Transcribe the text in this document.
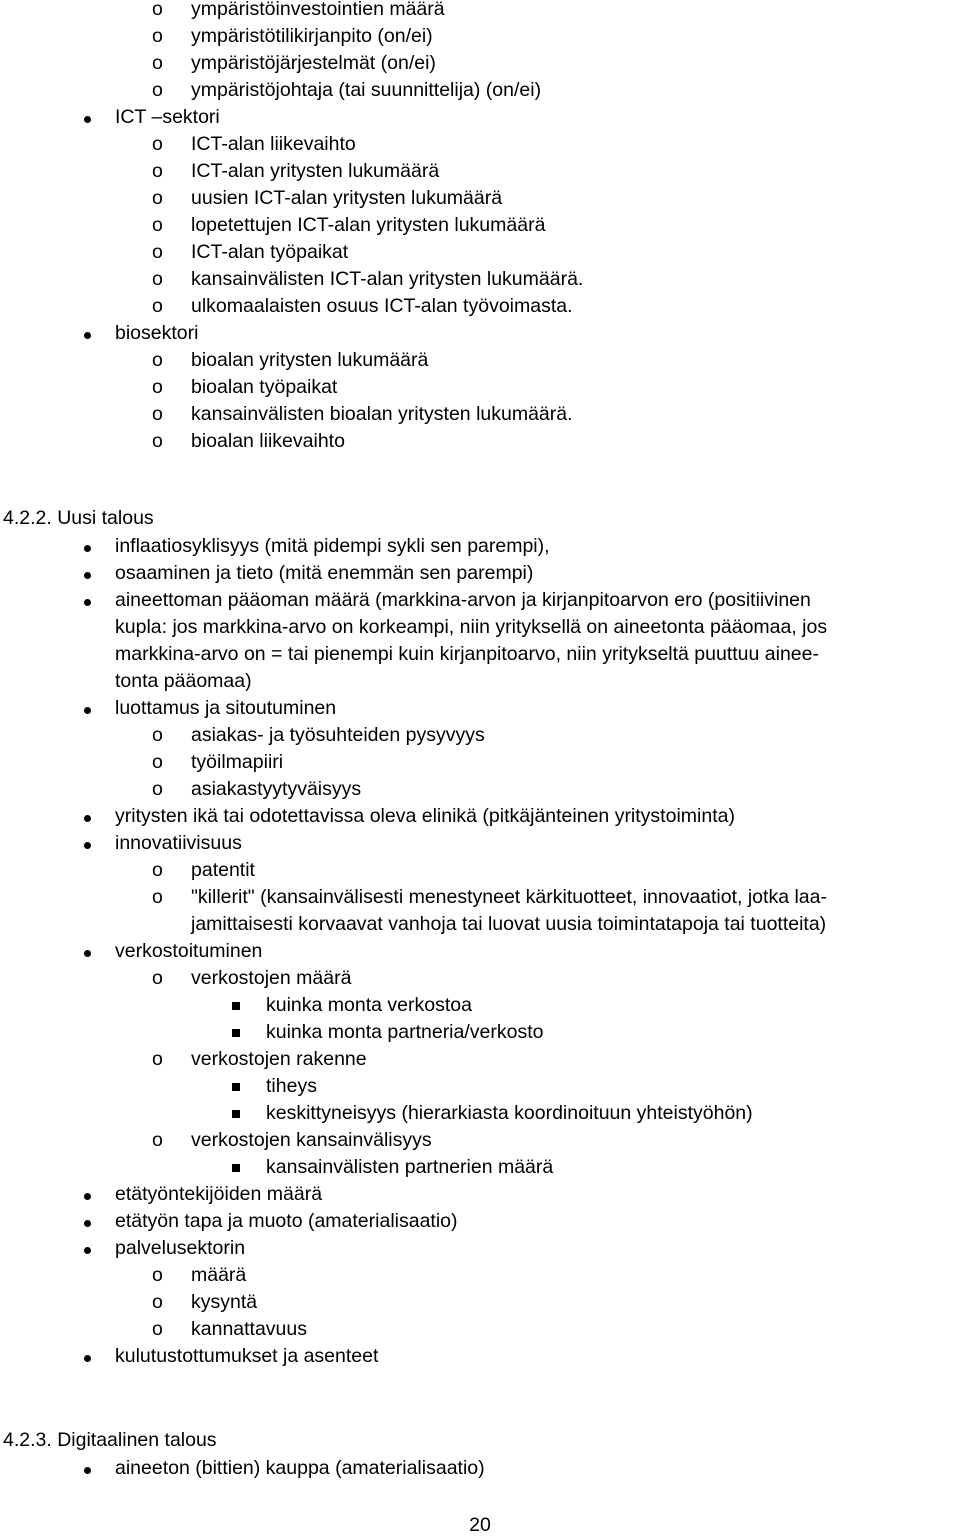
o ympäristöinvestointien määrä
o ympäristötilikirjanpito (on/ei)
o ympäristöjärjestelmät (on/ei)
o ympäristöjohtaja (tai suunnittelija) (on/ei)
ICT –sektori
o ICT-alan liikevaihto
o ICT-alan yritysten lukumäärä
o uusien ICT-alan yritysten lukumäärä
o lopetettujen ICT-alan yritysten lukumäärä
o ICT-alan työpaikat
o kansainvälisten ICT-alan yritysten lukumäärä.
o ulkomaalaisten osuus ICT-alan työvoimasta.
biosektori
o bioalan yritysten lukumäärä
o bioalan työpaikat
o kansainvälisten bioalan yritysten lukumäärä.
o bioalan liikevaihto
4.2.2. Uusi talous
inflaatiosyklisyys (mitä pidempi sykli sen parempi),
osaaminen ja tieto (mitä enemmän sen parempi)
aineettoman pääoman määrä (markkina-arvon ja kirjanpitoarvon ero (positiivinen
kupla: jos markkina-arvo on korkeampi, niin yrityksellä on aineetonta pääomaa, jos
markkina-arvo on = tai pienempi kuin kirjanpitoarvo, niin yritykseltä puuttuu ainee-
tonta pääomaa)
luottamus ja sitoutuminen
o asiakas- ja työsuhteiden pysyvyys
o työilmapiiri
o asiakastyytyväisyys
yritysten ikä tai odotettavissa oleva elinikä (pitkäjänteinen yritystoiminta)
innovatiivisuus
o patentit
o "killerit" (kansainvälisesti menestyneet kärkituotteet, innovaatiot, jotka laa-
jamittaisesti korvaavat vanhoja tai luovat uusia toimintatapoja tai tuotteita)
verkostoituminen
o verkostojen määrä
kuinka monta verkostoa
kuinka monta partneria/verkosto
o verkostojen rakenne
tiheys
keskittyneisyys (hierarkiasta koordinoituun yhteistyöhön)
o verkostojen kansainvälisyys
kansainvälisten partnerien määrä
etätyöntekijöiden määrä
etätyön tapa ja muoto (amaterialisaatio)
palvelusektorin
o määrä
o kysyntä
o kannattavuus
kulutustottumukset ja asenteet
4.2.3. Digitaalinen talous
aineeton (bittien) kauppa (amaterialisaatio)
20
